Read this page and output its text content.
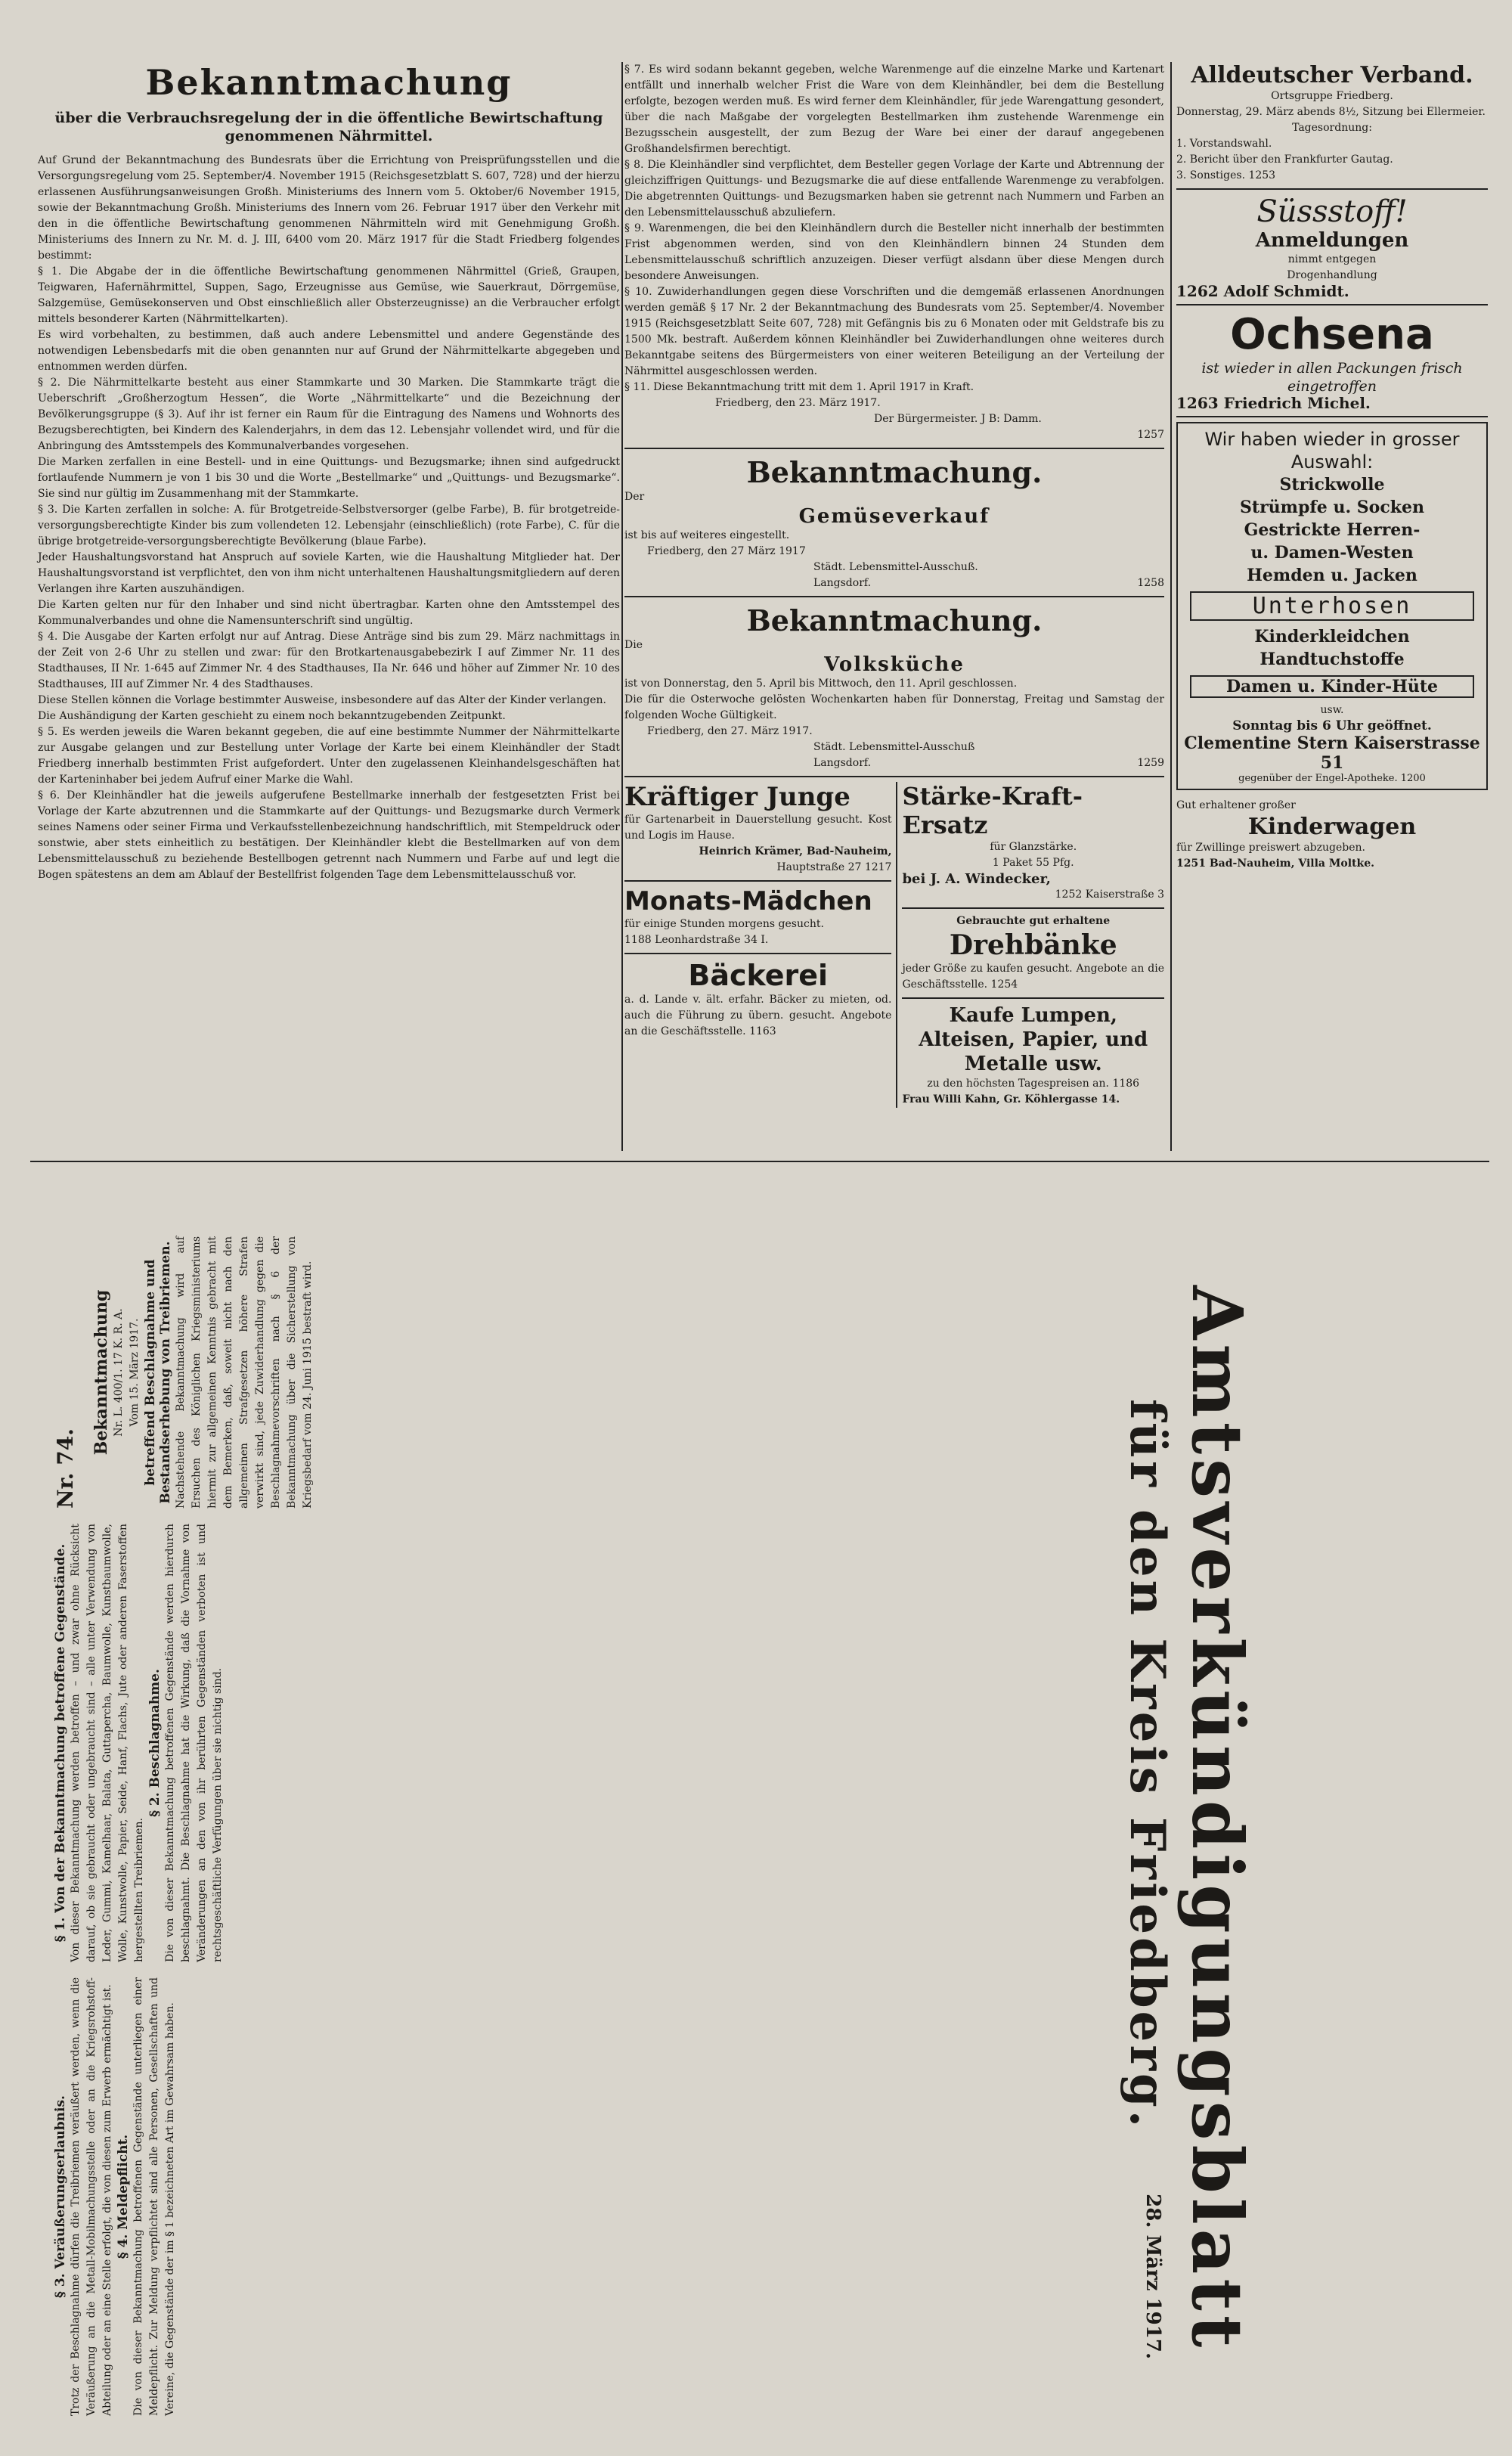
Bekanntmachung

über die Verbrauchsregelung der in die öffentliche Bewirtschaftung genommenen Nährmittel.

Auf Grund der Bekanntmachung des Bundesrats über die Errichtung von Preisprüfungsstellen und die Versorgungsregelung vom 25. September/4. November 1915 (Reichsgesetzblatt S. 607, 728) und der hierzu erlassenen Ausführungsanweisungen Großh. Ministeriums des Innern vom 5. Oktober/6 November 1915, sowie der Bekanntmachung Großh. Ministeriums des Innern vom 26. Februar 1917 über den Verkehr mit den in die öffentliche Bewirtschaftung genommenen Nährmitteln wird mit Genehmigung Großh. Ministeriums des Innern zu Nr. M. d. J. III, 6400 vom 20. März 1917 für die Stadt Friedberg folgendes bestimmt:

§ 1. Die Abgabe der in die öffentliche Bewirtschaftung genommenen Nährmittel (Grieß, Graupen, Teigwaren, Hafernährmittel, Suppen, Sago, Erzeugnisse aus Gemüse, wie Sauerkraut, Dörrgemüse, Salzgemüse, Gemüsekonserven und Obst einschließlich aller Obsterzeugnisse) an die Verbraucher erfolgt mittels besonderer Karten (Nährmittelkarten).

Es wird vorbehalten, zu bestimmen, daß auch andere Lebensmittel und andere Gegenstände des notwendigen Lebensbedarfs mit die oben genannten nur auf Grund der Nährmittelkarte abgegeben und entnommen werden dürfen.

§ 2. Die Nährmittelkarte besteht aus einer Stammkarte und 30 Marken. Die Stammkarte trägt die Ueberschrift „Großherzogtum Hessen“, die Worte „Nährmittelkarte“ und die Bezeichnung der Bevölkerungsgruppe (§ 3). Auf ihr ist ferner ein Raum für die Eintragung des Namens und Wohnorts des Bezugsberechtigten, bei Kindern des Kalenderjahrs, in dem das 12. Lebensjahr vollendet wird, und für die Anbringung des Amtsstempels des Kommunalverbandes vorgesehen.

Die Marken zerfallen in eine Bestell- und in eine Quittungs- und Bezugsmarke; ihnen sind aufgedruckt fortlaufende Nummern je von 1 bis 30 und die Worte „Bestellmarke“ und „Quittungs- und Bezugsmarke“. Sie sind nur gültig im Zusammenhang mit der Stammkarte.

§ 3. Die Karten zerfallen in solche: A. für Brotgetreide-Selbstversorger (gelbe Farbe), B. für brotgetreide-versorgungsberechtigte Kinder bis zum vollendeten 12. Lebensjahr (einschließlich) (rote Farbe), C. für die übrige brotgetreide-versorgungsberechtigte Bevölkerung (blaue Farbe).

Jeder Haushaltungsvorstand hat Anspruch auf soviele Karten, wie die Haushaltung Mitglieder hat. Der Haushaltungsvorstand ist verpflichtet, den von ihm nicht unterhaltenen Haushaltungsmitgliedern auf deren Verlangen ihre Karten auszuhändigen.

Die Karten gelten nur für den Inhaber und sind nicht übertragbar. Karten ohne den Amtsstempel des Kommunalverbandes und ohne die Namensunterschrift sind ungültig.

§ 4. Die Ausgabe der Karten erfolgt nur auf Antrag. Diese Anträge sind bis zum 29. März nachmittags in der Zeit von 2-6 Uhr zu stellen und zwar: für den Brotkartenausgabebezirk I auf Zimmer Nr. 11 des Stadthauses, II Nr. 1-645 auf Zimmer Nr. 4 des Stadthauses, IIa Nr. 646 und höher auf Zimmer Nr. 10 des Stadthauses, III auf Zimmer Nr. 4 des Stadthauses.

Diese Stellen können die Vorlage bestimmter Ausweise, insbesondere auf das Alter der Kinder verlangen.

Die Aushändigung der Karten geschieht zu einem noch bekanntzugebenden Zeitpunkt.

§ 5. Es werden jeweils die Waren bekannt gegeben, die auf eine bestimmte Nummer der Nährmittelkarte zur Ausgabe gelangen und zur Bestellung unter Vorlage der Karte bei einem Kleinhändler der Stadt Friedberg innerhalb bestimmten Frist aufgefordert. Unter den zugelassenen Kleinhandelsgeschäften hat der Karteninhaber bei jedem Aufruf einer Marke die Wahl.

§ 6. Der Kleinhändler hat die jeweils aufgerufene Bestellmarke innerhalb der festgesetzten Frist bei Vorlage der Karte abzutrennen und die Stammkarte auf der Quittungs- und Bezugsmarke durch Vermerk seines Namens oder seiner Firma und Verkaufsstellenbezeichnung handschriftlich, mit Stempeldruck oder sonstwie, aber stets einheitlich zu bestätigen. Der Kleinhändler klebt die Bestellmarken auf von dem Lebensmittelausschuß zu beziehende Bestellbogen getrennt nach Nummern und Farbe auf und legt die Bogen spätestens an dem am Ablauf der Bestellfrist folgenden Tage dem Lebensmittelausschuß vor.

§ 7. Es wird sodann bekannt gegeben, welche Warenmenge auf die einzelne Marke und Kartenart entfällt und innerhalb welcher Frist die Ware von dem Kleinhändler, bei dem die Bestellung erfolgte, bezogen werden muß. Es wird ferner dem Kleinhändler, für jede Warengattung gesondert, über die nach Maßgabe der vorgelegten Bestellmarken ihm zustehende Warenmenge ein Bezugsschein ausgestellt, der zum Bezug der Ware bei einer der darauf angegebenen Großhandelsfirmen berechtigt.

§ 8. Die Kleinhändler sind verpflichtet, dem Besteller gegen Vorlage der Karte und Abtrennung der gleichziffrigen Quittungs- und Bezugsmarke die auf diese entfallende Warenmenge zu verabfolgen. Die abgetrennten Quittungs- und Bezugsmarken haben sie getrennt nach Nummern und Farben an den Lebensmittelausschuß abzuliefern.

§ 9. Warenmengen, die bei den Kleinhändlern durch die Besteller nicht innerhalb der bestimmten Frist abgenommen werden, sind von den Kleinhändlern binnen 24 Stunden dem Lebensmittelausschuß schriftlich anzuzeigen. Dieser verfügt alsdann über diese Mengen durch besondere Anweisungen.

§ 10. Zuwiderhandlungen gegen diese Vorschriften und die demgemäß erlassenen Anordnungen werden gemäß § 17 Nr. 2 der Bekanntmachung des Bundesrats vom 25. September/4. November 1915 (Reichsgesetzblatt Seite 607, 728) mit Gefängnis bis zu 6 Monaten oder mit Geldstrafe bis zu 1500 Mk. bestraft. Außerdem können Kleinhändler bei Zuwiderhandlungen ohne weiteres durch Bekanntgabe seitens des Bürgermeisters von einer weiteren Beteiligung an der Verteilung der Nährmittel ausgeschlossen werden.

§ 11. Diese Bekanntmachung tritt mit dem 1. April 1917 in Kraft.

Friedberg, den 23. März 1917.

Der Bürgermeister. J B: Damm.

1257

Bekanntmachung.

Der

Gemüseverkauf

ist bis auf weiteres eingestellt.

Friedberg, den 27 März 1917

Städt. Lebensmittel-Ausschuß.

Langsdorf.	1258

Bekanntmachung.

Die

Volksküche

ist von Donnerstag, den 5. April bis Mittwoch, den 11. April geschlossen.

Die für die Osterwoche gelösten Wochenkarten haben für Donnerstag, Freitag und Samstag der folgenden Woche Gültigkeit.

Friedberg, den 27. März 1917.

Städt. Lebensmittel-Ausschuß

Langsdorf.	1259

Kräftiger Junge

für Gartenarbeit in Dauerstellung gesucht. Kost und Logis im Hause.

Heinrich Krämer, Bad-Nauheim,

Hauptstraße 27 1217

Monats-Mädchen

für einige Stunden morgens gesucht.

1188 Leonhardstraße 34 I.

Bäckerei

a. d. Lande v. ält. erfahr. Bäcker zu mieten, od. auch die Führung zu übern. gesucht. Angebote an die Geschäftsstelle. 1163

Stärke-Kraft-Ersatz

für Glanzstärke.

1 Paket 55 Pfg.

bei J. A. Windecker,

1252 Kaiserstraße 3

Gebrauchte gut erhaltene

Drehbänke

jeder Größe zu kaufen gesucht. Angebote an die Geschäftsstelle. 1254

Kaufe Lumpen, Alteisen, Papier, und Metalle usw.

zu den höchsten Tagespreisen an. 1186

Frau Willi Kahn, Gr. Köhlergasse 14.

Alldeutscher Verband.

Ortsgruppe Friedberg.

Donnerstag, 29. März abends 8½, Sitzung bei Ellermeier.

Tagesordnung:

1. Vorstandswahl.

2. Bericht über den Frankfurter Gautag.

3. Sonstiges. 1253

Süssstoff!

Anmeldungen

nimmt entgegen

Drogenhandlung

1262 Adolf Schmidt.

Ochsena

ist wieder in allen Packungen frisch eingetroffen

1263 Friedrich Michel.

Wir haben wieder in grosser Auswahl:

Strickwolle

Strümpfe u. Socken

Gestrickte Herren-

u. Damen-Westen

Hemden u. Jacken

Unterhosen

Kinderkleidchen

Handtuchstoffe

Damen u. Kinder-Hüte

usw.

Sonntag bis 6 Uhr geöffnet.

Clementine Stern Kaiserstrasse 51

gegenüber der Engel-Apotheke. 1200

Gut erhaltener großer

Kinderwagen

für Zwillinge preiswert abzugeben.

1251 Bad-Nauheim, Villa Moltke.

Nr. 74.

Bekanntmachung Nr. L. 400/1. 17 K. R. A. Vom 15. März 1917. betreffend Beschlagnahme und Bestandserhebung von Treibriemen. Nachstehende Bekanntmachung wird auf Ersuchen des Königlichen Kriegsministeriums hiermit zur allgemeinen Kenntnis gebracht mit dem Bemerken, daß, soweit nicht nach den allgemeinen Strafgesetzen höhere Strafen verwirkt sind, jede Zuwiderhandlung gegen die Beschlagnahmevorschriften nach § 6 der Bekanntmachung über die Sicherstellung von Kriegsbedarf vom 24. Juni 1915 bestraft wird.

§ 1. Von der Bekanntmachung betroffene Gegenstände. Von dieser Bekanntmachung werden betroffen – und zwar ohne Rücksicht darauf, ob sie gebraucht oder ungebraucht sind – alle unter Verwendung von Leder, Gummi, Kamelhaar, Balata, Guttapercha, Baumwolle, Kunstbaumwolle, Wolle, Kunstwolle, Papier, Seide, Hanf, Flachs, Jute oder anderen Faserstoffen hergestellten Treibriemen.

§ 2. Beschlagnahme. Die von dieser Bekanntmachung betroffenen Gegenstände werden hierdurch beschlagnahmt. Die Beschlagnahme hat die Wirkung, daß die Vornahme von Veränderungen an den von ihr berührten Gegenständen verboten ist und rechtsgeschäftliche Verfügungen über sie nichtig sind.

§ 3. Veräußerungserlaubnis. Trotz der Beschlagnahme dürfen die Treibriemen veräußert werden, wenn die Veräußerung an die Metall-Mobilmachungsstelle oder an die Kriegsrohstoff-Abteilung oder an eine Stelle erfolgt, die von diesen zum Erwerb ermächtigt ist. § 4. Meldepflicht. Die von dieser Bekanntmachung betroffenen Gegenstände unterliegen einer Meldepflicht. Zur Meldung verpflichtet sind alle Personen, Gesellschaften und Vereine, die Gegenstände der im § 1 bezeichneten Art im Gewahrsam haben.	Amtsverkündigungsblatt

für den Kreis Friedberg.

28. März 1917.
